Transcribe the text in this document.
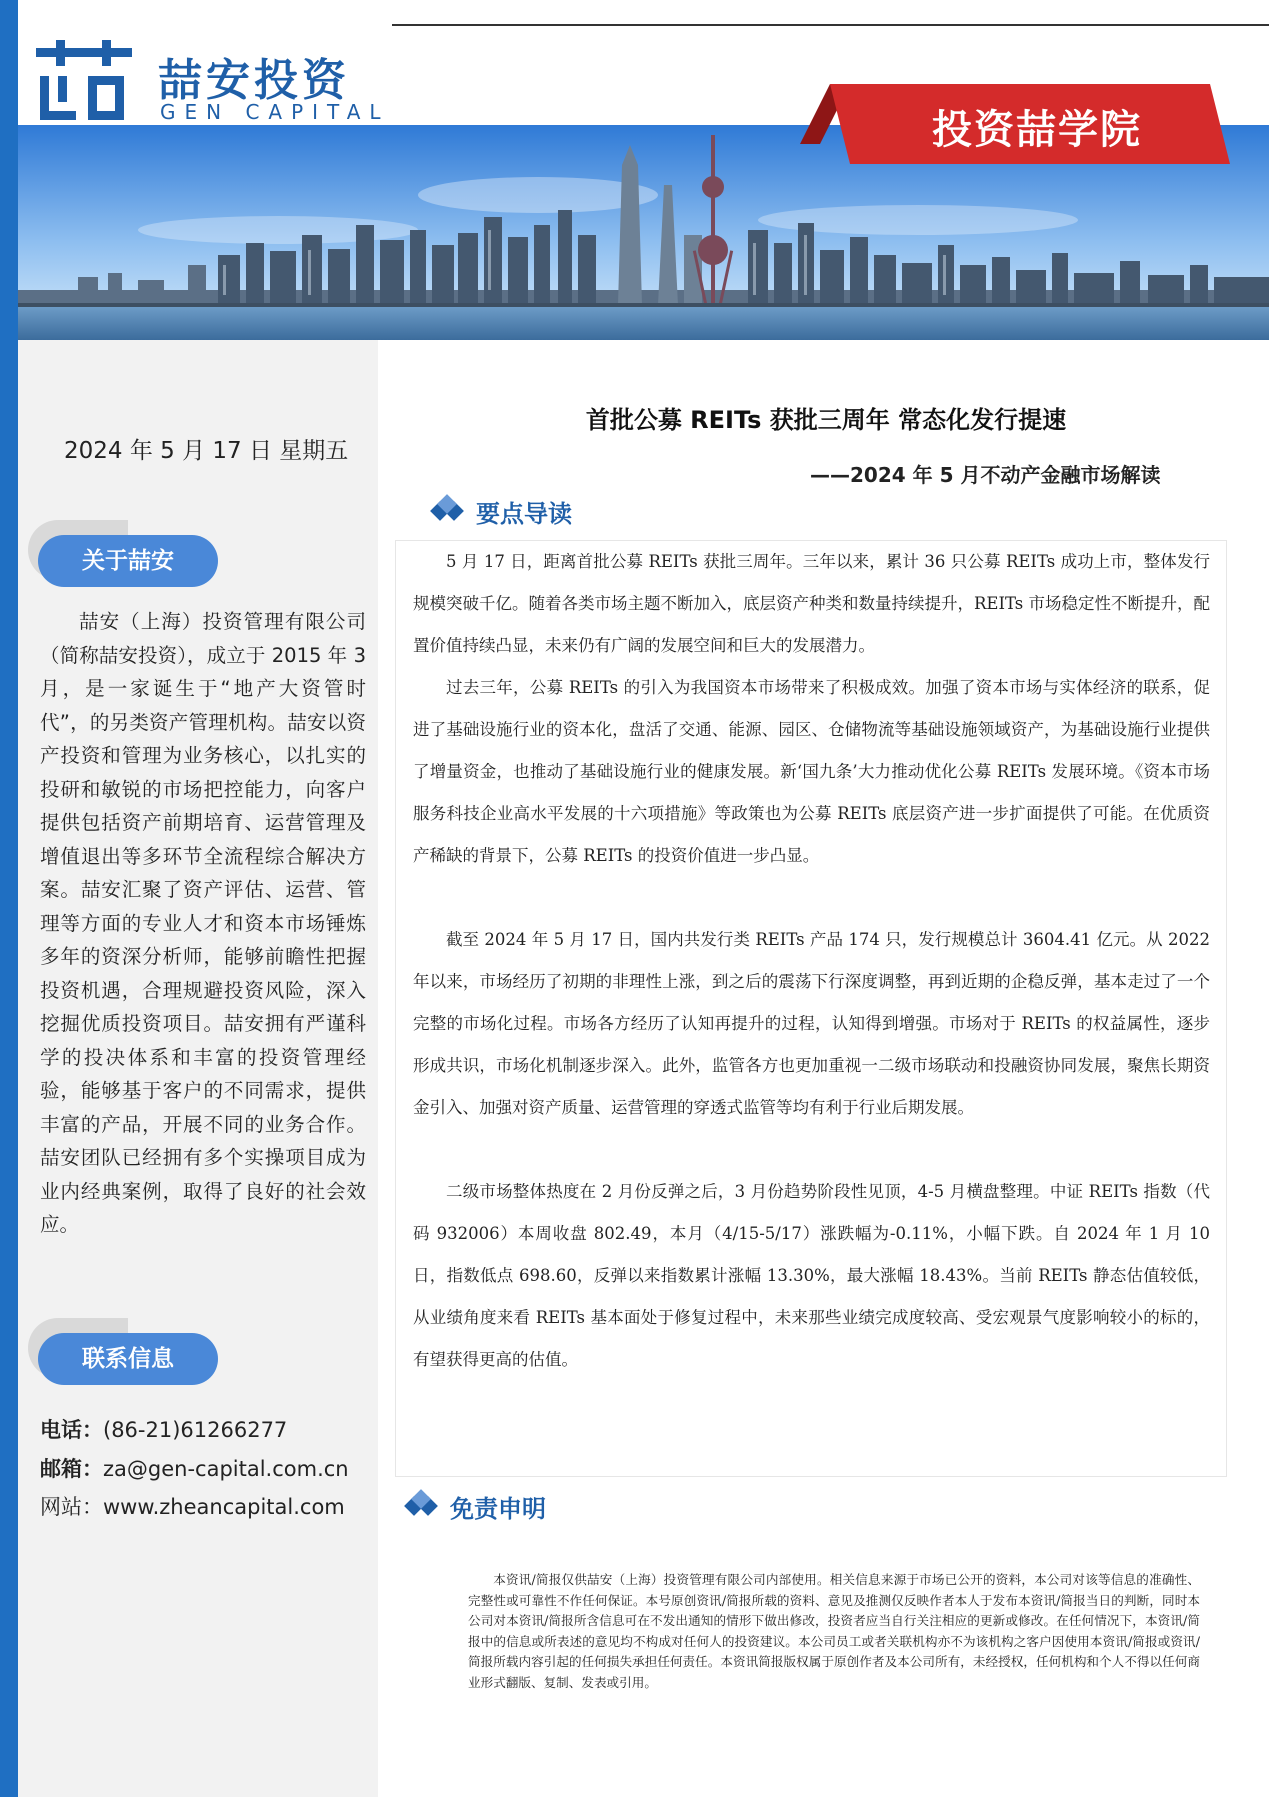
喆安投资
GEN CAPITAL	投资喆学院
2024 年 5 月 17 日 星期五
关于喆安
喆安（上海）投资管理有限公司（简称喆安投资），成立于 2015 年 3 月，是一家诞生于“地产大资管时代”，的另类资产管理机构。喆安以资产投资和管理为业务核心，以扎实的投研和敏锐的市场把控能力，向客户提供包括资产前期培育、运营管理及增值退出等多环节全流程综合解决方案。喆安汇聚了资产评估、运营、管理等方面的专业人才和资本市场锤炼多年的资深分析师，能够前瞻性把握投资机遇，合理规避投资风险，深入挖掘优质投资项目。喆安拥有严谨科学的投决体系和丰富的投资管理经验，能够基于客户的不同需求，提供丰富的产品，开展不同的业务合作。喆安团队已经拥有多个实操项目成为业内经典案例，取得了良好的社会效应。
联系信息
电话：(86-21)61266277
邮箱：za@gen-capital.com.cn
网站：www.zheancapital.com
首批公募 REITs 获批三周年 常态化发行提速
——2024 年 5 月不动产金融市场解读
要点导读
5 月 17 日，距离首批公募 REITs 获批三周年。三年以来，累计 36 只公募 REITs 成功上市，整体发行规模突破千亿。随着各类市场主题不断加入，底层资产种类和数量持续提升，REITs 市场稳定性不断提升，配置价值持续凸显，未来仍有广阔的发展空间和巨大的发展潜力。
过去三年，公募 REITs 的引入为我国资本市场带来了积极成效。加强了资本市场与实体经济的联系，促进了基础设施行业的资本化，盘活了交通、能源、园区、仓储物流等基础设施领域资产，为基础设施行业提供了增量资金，也推动了基础设施行业的健康发展。新‘国九条’大力推动优化公募 REITs 发展环境。《资本市场服务科技企业高水平发展的十六项措施》等政策也为公募 REITs 底层资产进一步扩面提供了可能。在优质资产稀缺的背景下，公募 REITs 的投资价值进一步凸显。
截至 2024 年 5 月 17 日，国内共发行类 REITs 产品 174 只，发行规模总计 3604.41 亿元。从 2022 年以来，市场经历了初期的非理性上涨，到之后的震荡下行深度调整，再到近期的企稳反弹，基本走过了一个完整的市场化过程。市场各方经历了认知再提升的过程，认知得到增强。市场对于 REITs 的权益属性，逐步形成共识，市场化机制逐步深入。此外，监管各方也更加重视一二级市场联动和投融资协同发展，聚焦长期资金引入、加强对资产质量、运营管理的穿透式监管等均有利于行业后期发展。
二级市场整体热度在 2 月份反弹之后，3 月份趋势阶段性见顶，4-5 月横盘整理。中证 REITs 指数（代码 932006）本周收盘 802.49，本月（4/15-5/17）涨跌幅为-0.11%，小幅下跌。自 2024 年 1 月 10 日，指数低点 698.60，反弹以来指数累计涨幅 13.30%，最大涨幅 18.43%。当前 REITs 静态估值较低，从业绩角度来看 REITs 基本面处于修复过程中，未来那些业绩完成度较高、受宏观景气度影响较小的标的，有望获得更高的估值。
免责申明
本资讯/简报仅供喆安（上海）投资管理有限公司内部使用。相关信息来源于市场已公开的资料，本公司对该等信息的准确性、完整性或可靠性不作任何保证。本号原创资讯/简报所载的资料、意见及推测仅反映作者本人于发布本资讯/简报当日的判断，同时本公司对本资讯/简报所含信息可在不发出通知的情形下做出修改，投资者应当自行关注相应的更新或修改。在任何情况下，本资讯/简报中的信息或所表述的意见均不构成对任何人的投资建议。本公司员工或者关联机构亦不为该机构之客户因使用本资讯/简报或资讯/简报所载内容引起的任何损失承担任何责任。本资讯简报版权属于原创作者及本公司所有，未经授权，任何机构和个人不得以任何商业形式翻版、复制、发表或引用。
